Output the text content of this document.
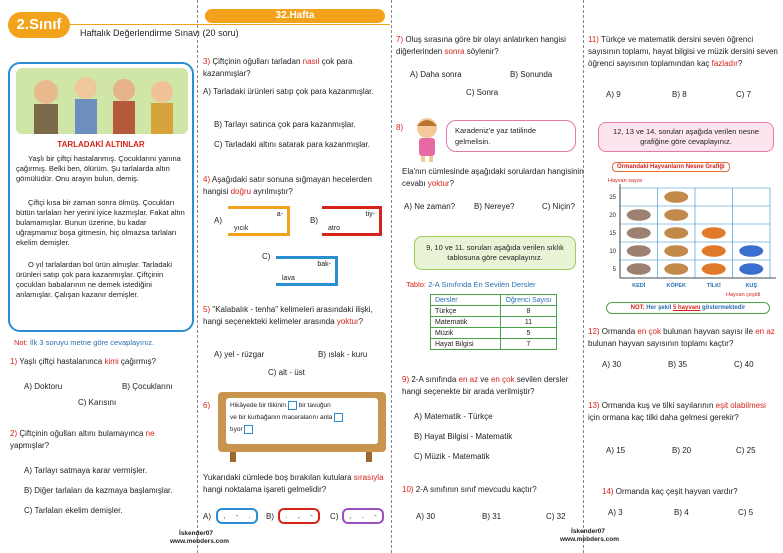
2.Sınıf
32.Hafta
Haftalık Değerlendirme Sınavı (20 soru)
TARLADAKİ ALTINLAR
Yaşlı bir çiftçi hastalanmış. Çocuklarını yanına çağırmış. Belki ben, ölürüm. Şu tarlalarda altın gömülüdür. Onu arayın bulun, demiş.
Çiftçi kısa bir zaman sonra ölmüş. Çocukları bütün tarlaları her yerini iyice kazmışlar. Fakat altın bulamamışlar. Bunun üzerine, bu kadar uğraşmamız boşa gitmesin, hiç olmazsa tarlaları ekelim demişler.
O yıl tarlalardan bol ürün almışlar. Tarladaki ürünleri satıp çok para kazanmışlar. Çiftçinin çocukları babalarının ne demek istediğini anlamışlar. Çalışan kazanır demişler.
Not: İlk 3 soruyu metne göre cevaplayınız.
1) Yaşlı çiftçi hastalanınca kimi çağırmış?
A) Doktoru	B) Çocuklarını
C) Karısını
2) Çiftçinin oğulları altını bulamayınca ne yapmışlar?
A) Tarlayı satmaya karar vermişler.
B) Diğer tarlaları da kazmaya başlamışlar.
C) Tarlaları ekelim demişler.
3) Çiftçinin oğulları tarladan nasıl çok para kazanmışlar?
A) Tarladaki ürünleri satıp çok para kazanmışlar.
B) Tarlayı satınca çok para kazanmışlar.
C) Tarladaki altını satarak para kazanmışlar.
4) Aşağıdaki satır sonuna sığmayan hecelerden hangisi doğru ayrılmıştır?
A)
a-
yıcık
B)
tiy-
atro
C)
bak-
lava
5) "Kalabalık - tenha" kelimeleri arasındaki ilişki, hangi seçenekteki kelimeler arasında yoktur?
A) yel - rüzgar	B) ıslak - kuru
C) alt - üst
6)	Hikâyede bir tilkinin bir tavuğun
ve bir kurbağanın maceralarını anla
tıyor
Yukarıdaki cümlede boş bırakılan kutulara sırasıyla hangi noktalama işareti gelmelidir?
A) , - . B) . , - C) , . -
7) Oluş sırasına göre bir olayı anlatırken hangisi diğerlerinden sonra söylenir?
A) Daha sonra	B) Sonunda
C) Sonra
8)	Karadeniz'e yaz tatilinde gelmelisin.
Ela'nın cümlesinde aşağıdaki sorulardan hangisinin cevabı yoktur?
A) Ne zaman? B) Nereye?	C) Niçin?
9, 10 ve 11. soruları aşağıda verilen sıklık tablosuna göre cevaplayınız.
Tablo: 2-A Sınıfında En Sevilen Dersler
Dersler	Öğrenci Sayısı
Türkçe	8
Matematik	11
Müzik	5
Hayat Bilgisi	7
9) 2-A sınıfında en az ve en çok sevilen dersler hangi seçenekte bir arada verilmiştir?
A) Matematik - Türkçe
B) Hayat Bilgisi - Matematik
C) Müzik - Matematik
10) 2-A sınıfının sınıf mevcudu kaçtır?
A) 30	B) 31	C) 32
11) Türkçe ve matematik dersini seven öğrenci sayısının toplamı, hayat bilgisi ve müzik dersini seven öğrenci sayısının toplamından kaç fazladır?
A) 9	B) 8	C) 7
12, 13 ve 14. soruları aşağıda verilen nesne grafiğine göre cevaplayınız.
Ormandaki Hayvanların Nesne Grafiği
Hayvan sayısı
25
20
15
10
5
KEDİ	KÖPEK	TİLKİ	KUŞ
Hayvan çeşidi
NOT: Her şekil 5 hayvanı göstermektedir
12) Ormanda en çok bulunan hayvan sayısı ile en az bulunan hayvan sayısının toplamı kaçtır?
A) 30	B) 35	C) 40
13) Ormanda kuş ve tilki sayılarının eşit olabilmesi için ormana kaç tilki daha gelmesi gerekir?
A) 15	B) 20	C) 25
14) Ormanda kaç çeşit hayvan vardır?
A) 3	B) 4	C) 5
İskender07
www.mebders.com
İskender07
www.mebders.com
